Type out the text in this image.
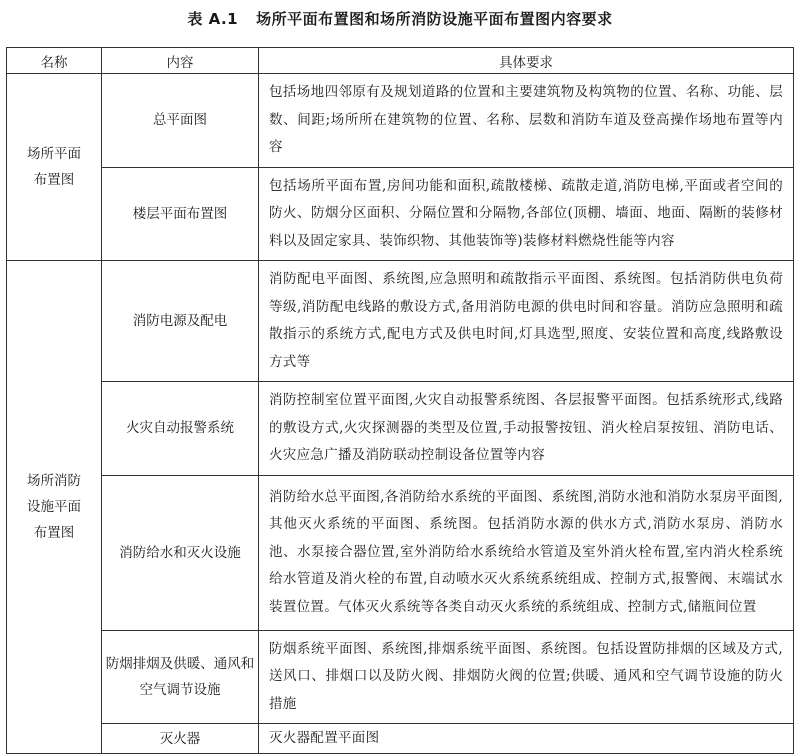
表 A.1 场所平面布置图和场所消防设施平面布置图内容要求
名称	内容	具体要求
场所平面布置图	总平面图	包括场地四邻原有及规划道路的位置和主要建筑物及构筑物的位置、名称、功能、层数、间距;场所所在建筑物的位置、名称、层数和消防车道及登高操作场地布置等内容
	楼层平面布置图	包括场所平面布置,房间功能和面积,疏散楼梯、疏散走道,消防电梯,平面或者空间的防火、防烟分区面积、分隔位置和分隔物,各部位(顶棚、墙面、地面、隔断的装修材料以及固定家具、装饰织物、其他装饰等)装修材料燃烧性能等内容
场所消防设施平面布置图	消防电源及配电	消防配电平面图、系统图,应急照明和疏散指示平面图、系统图。包括消防供电负荷等级,消防配电线路的敷设方式,备用消防电源的供电时间和容量。消防应急照明和疏散指示的系统方式,配电方式及供电时间,灯具选型,照度、安装位置和高度,线路敷设方式等
	火灾自动报警系统	消防控制室位置平面图,火灾自动报警系统图、各层报警平面图。包括系统形式,线路的敷设方式,火灾探测器的类型及位置,手动报警按钮、消火栓启泵按钮、消防电话、火灾应急广播及消防联动控制设备位置等内容
	消防给水和灭火设施	消防给水总平面图,各消防给水系统的平面图、系统图,消防水池和消防水泵房平面图,其他灭火系统的平面图、系统图。包括消防水源的供水方式,消防水泵房、消防水池、水泵接合器位置,室外消防给水系统给水管道及室外消火栓布置,室内消火栓系统给水管道及消火栓的布置,自动喷水灭火系统系统组成、控制方式,报警阀、末端试水装置位置。气体灭火系统等各类自动灭火系统的系统组成、控制方式,储瓶间位置
	防烟排烟及供暖、通风和空气调节设施	防烟系统平面图、系统图,排烟系统平面图、系统图。包括设置防排烟的区域及方式,送风口、排烟口以及防火阀、排烟防火阀的位置;供暖、通风和空气调节设施的防火措施
	灭火器	灭火器配置平面图
